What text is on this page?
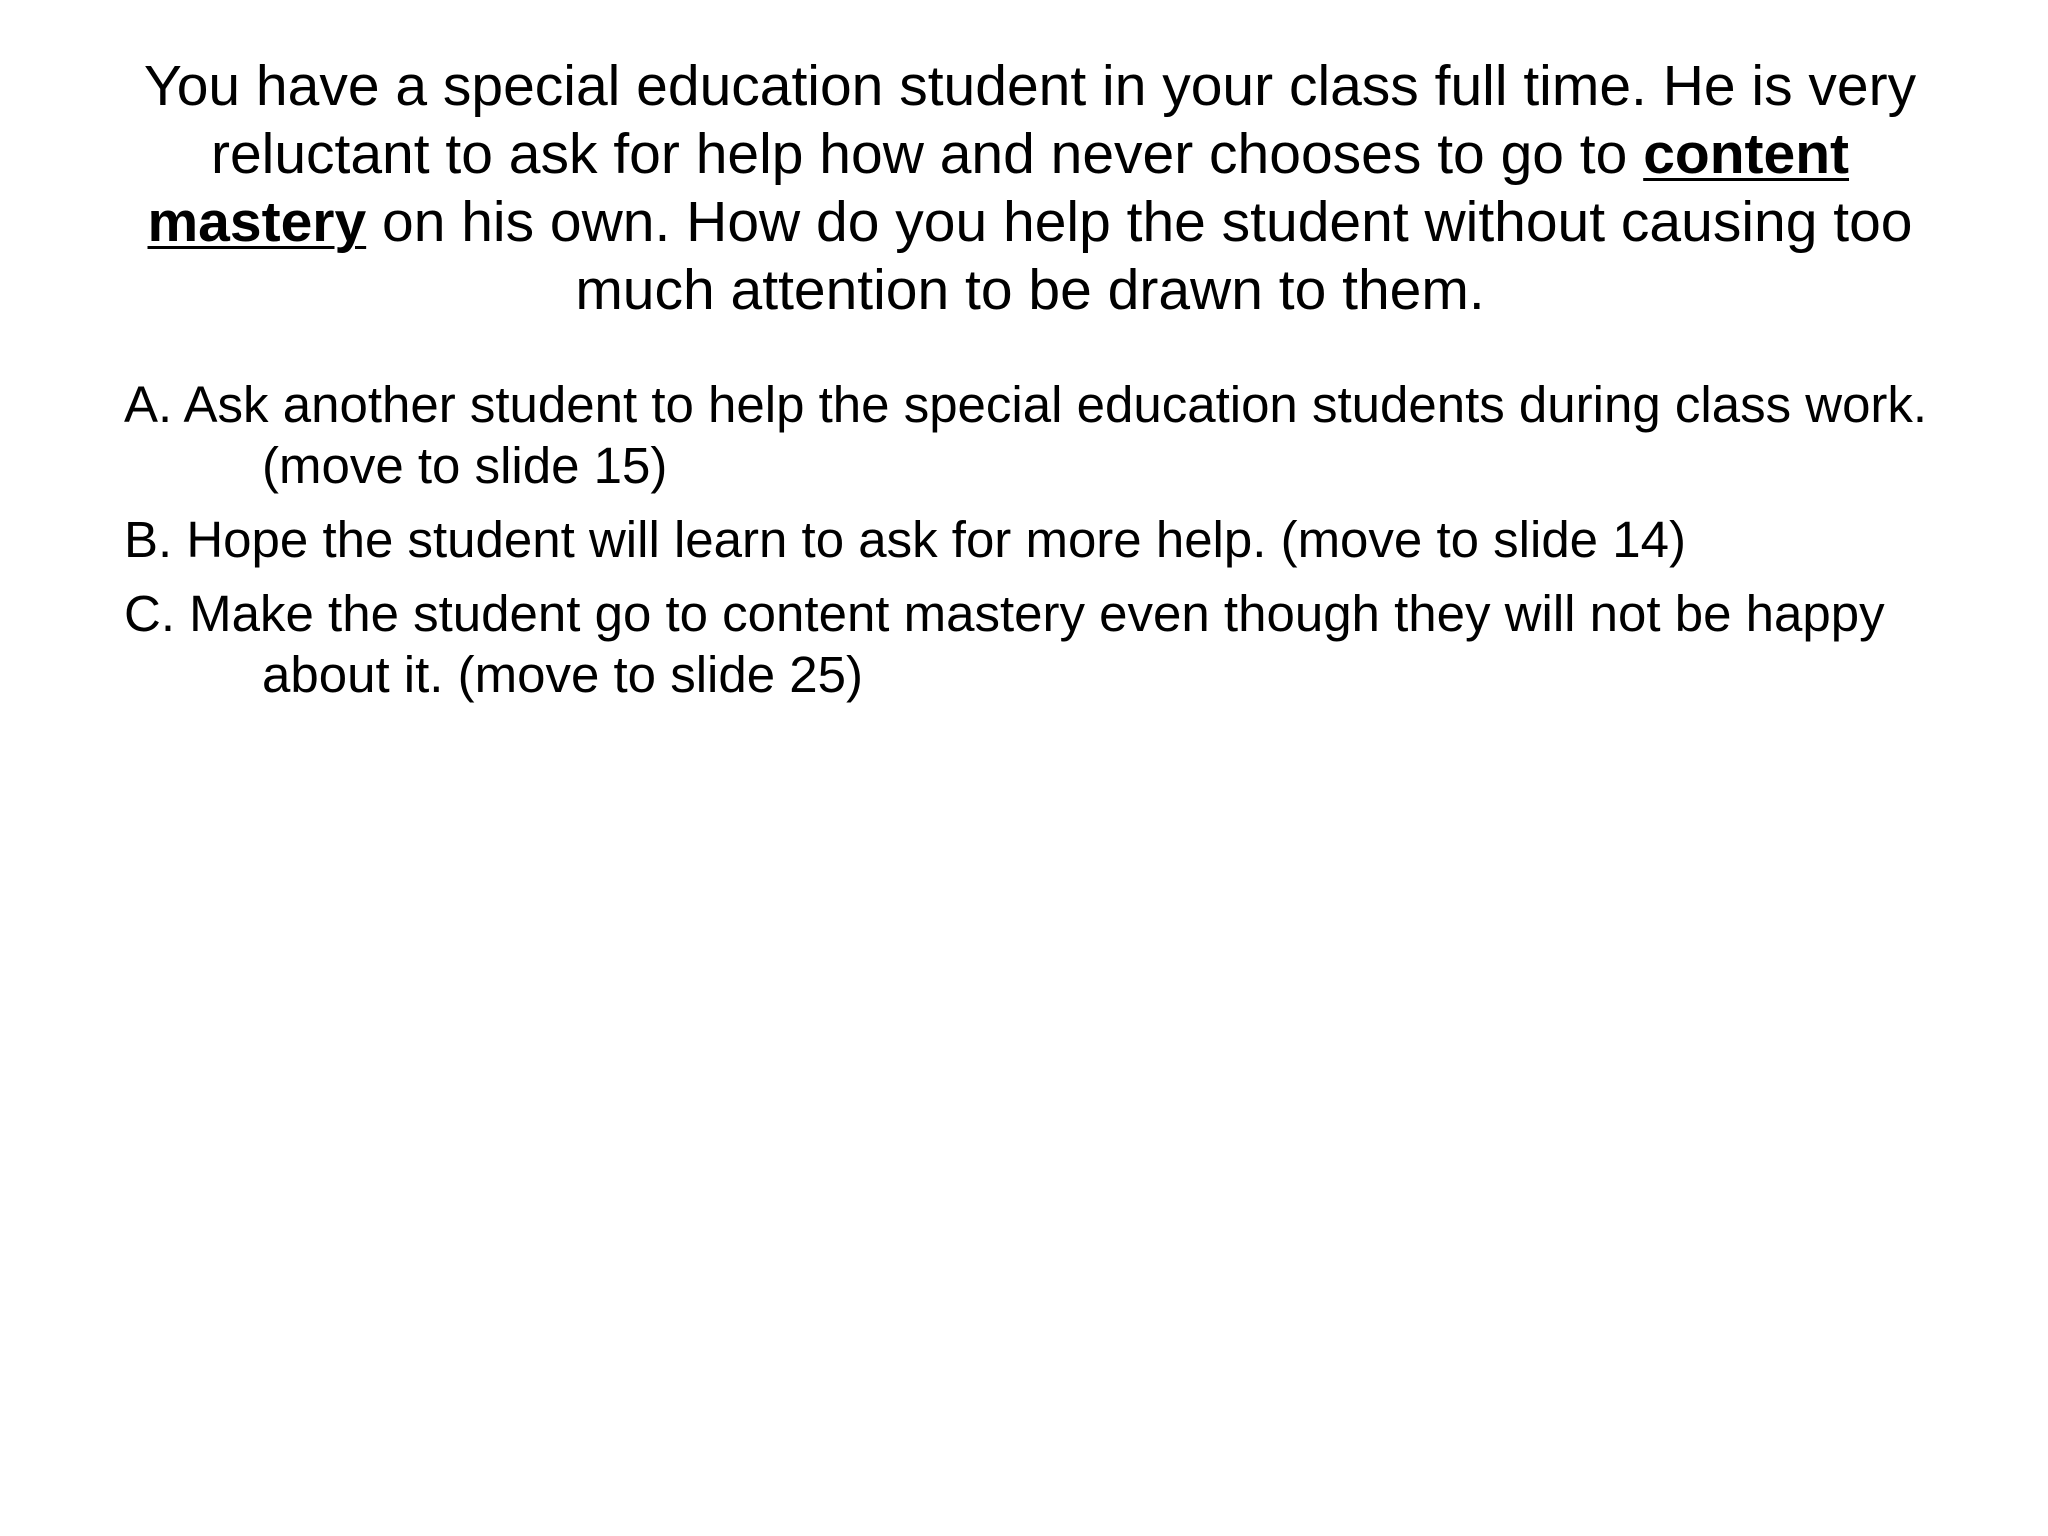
You have a special education student in your class full time. He is very reluctant to ask for help how and never chooses to go to content mastery on his own. How do you help the student without causing too much attention to be drawn to them.
A. Ask another student to help the special education students during class work. (move to slide 15)
B. Hope the student will learn to ask for more help. (move to slide 14)
C. Make the student go to content mastery even though they will not be happy about it. (move to slide 25)
